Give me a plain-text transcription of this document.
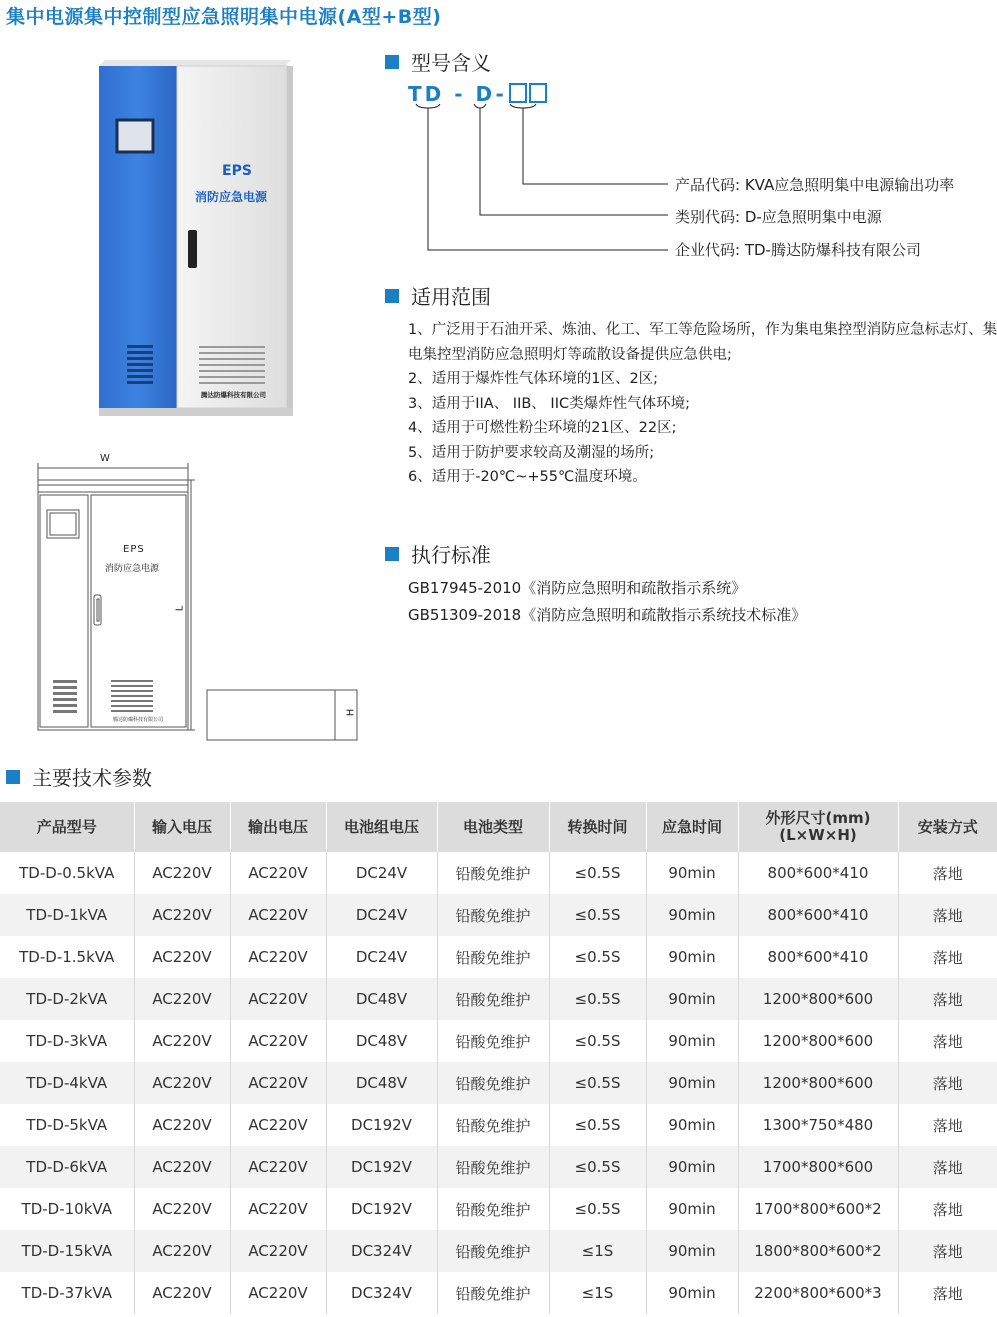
集中电源集中控制型应急照明集中电源(A型+B型)
EPS
消防应急电源
腾达防爆科技有限公司
W
L
H
EPS
消防应急电源
腾达防爆科技有限公司
型号含义
TD - D-
产品代码: KVA应急照明集中电源输出功率
类别代码: D-应急照明集中电源
企业代码: TD-腾达防爆科技有限公司
适用范围

1、广泛用于石油开采、炼油、化工、军工等危险场所，作为集电集控型消防应急标志灯、集电集控型消防应急照明灯等疏散设备提供应急供电;

2、适用于爆炸性气体环境的1区、2区;

3、适用于IIA、 IIB、 IIC类爆炸性气体环境;

4、适用于可燃性粉尘环境的21区、22区;

5、适用于防护要求较高及潮湿的场所;

6、适用于-20℃~+55℃温度环境。

执行标准
GB17945-2010《消防应急照明和疏散指示系统》
GB51309-2018《消防应急照明和疏散指示系统技术标准》
主要技术参数
产品型号	输入电压	输出电压	电池组电压	电池类型	转换时间	应急时间	外形尺寸(mm)
(L×W×H)	安装方式
TD-D-0.5kVA	AC220V	AC220V	DC24V	铅酸免维护	≤0.5S	90min	800*600*410	落地
TD-D-1kVA	AC220V	AC220V	DC24V	铅酸免维护	≤0.5S	90min	800*600*410	落地
TD-D-1.5kVA	AC220V	AC220V	DC24V	铅酸免维护	≤0.5S	90min	800*600*410	落地
TD-D-2kVA	AC220V	AC220V	DC48V	铅酸免维护	≤0.5S	90min	1200*800*600	落地
TD-D-3kVA	AC220V	AC220V	DC48V	铅酸免维护	≤0.5S	90min	1200*800*600	落地
TD-D-4kVA	AC220V	AC220V	DC48V	铅酸免维护	≤0.5S	90min	1200*800*600	落地
TD-D-5kVA	AC220V	AC220V	DC192V	铅酸免维护	≤0.5S	90min	1300*750*480	落地
TD-D-6kVA	AC220V	AC220V	DC192V	铅酸免维护	≤0.5S	90min	1700*800*600	落地
TD-D-10kVA	AC220V	AC220V	DC192V	铅酸免维护	≤0.5S	90min	1700*800*600*2	落地
TD-D-15kVA	AC220V	AC220V	DC324V	铅酸免维护	≤1S	90min	1800*800*600*2	落地
TD-D-37kVA	AC220V	AC220V	DC324V	铅酸免维护	≤1S	90min	2200*800*600*3	落地
